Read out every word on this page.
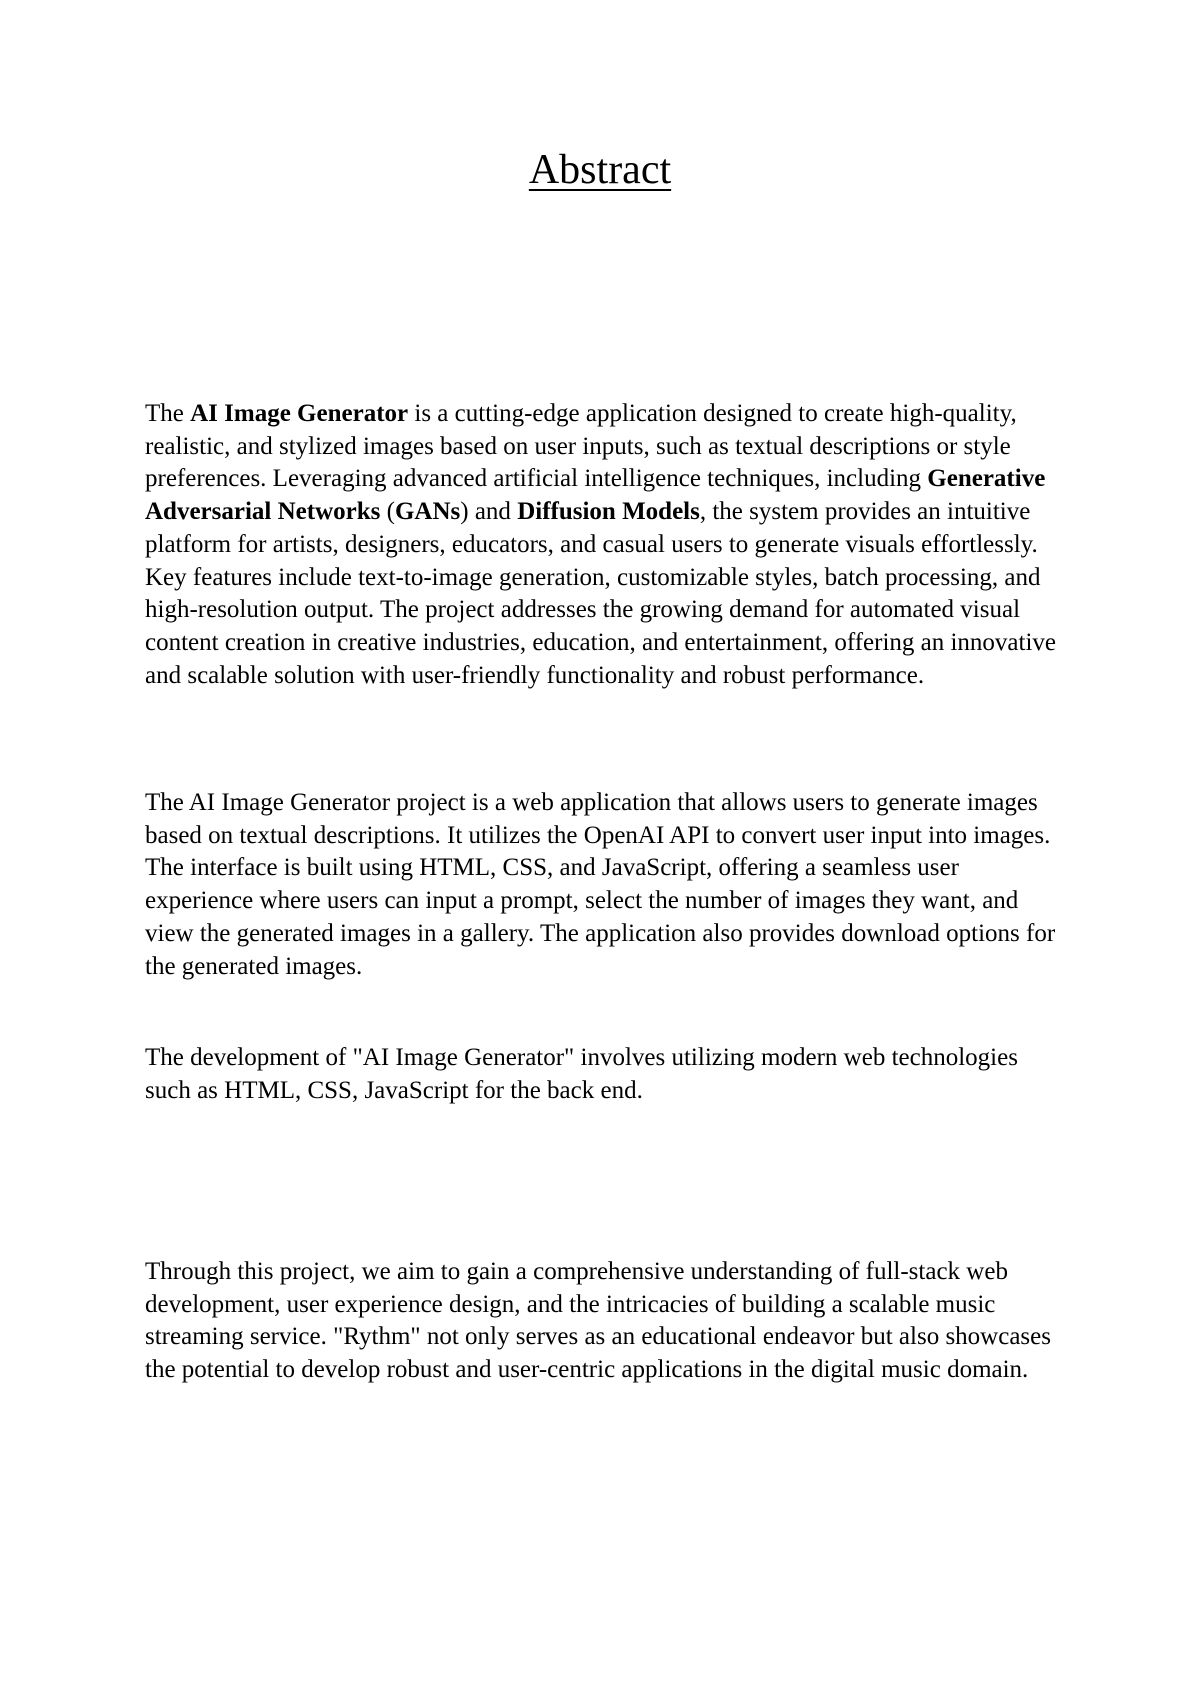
Abstract

The AI Image Generator is a cutting-edge application designed to create high-quality, realistic, and stylized images based on user inputs, such as textual descriptions or style preferences. Leveraging advanced artificial intelligence techniques, including Generative Adversarial Networks (GANs) and Diffusion Models, the system provides an intuitive platform for artists, designers, educators, and casual users to generate visuals effortlessly. Key features include text-to-image generation, customizable styles, batch processing, and high-resolution output. The project addresses the growing demand for automated visual content creation in creative industries, education, and entertainment, offering an innovative and scalable solution with user-friendly functionality and robust performance.

The AI Image Generator project is a web application that allows users to generate images based on textual descriptions. It utilizes the OpenAI API to convert user input into images. The interface is built using HTML, CSS, and JavaScript, offering a seamless user experience where users can input a prompt, select the number of images they want, and view the generated images in a gallery. The application also provides download options for the generated images.

The development of "AI Image Generator" involves utilizing modern web technologies such as HTML, CSS, JavaScript for the back end.

Through this project, we aim to gain a comprehensive understanding of full-stack web development, user experience design, and the intricacies of building a scalable music streaming service. "Rythm" not only serves as an educational endeavor but also showcases the potential to develop robust and user-centric applications in the digital music domain.
